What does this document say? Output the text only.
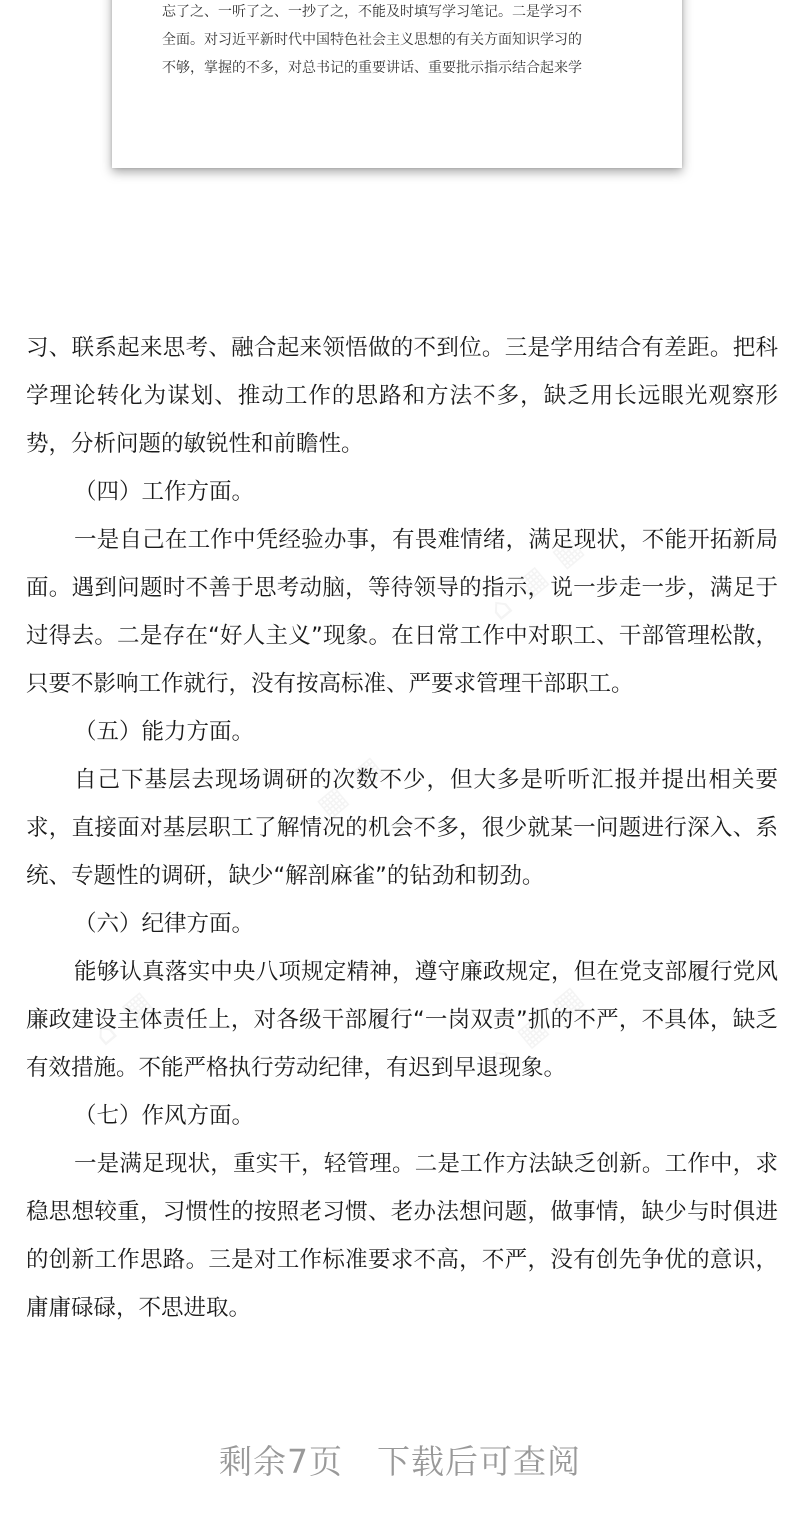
忘了之、一听了之、一抄了之，不能及时填写学习笔记。二是学习不
全面。对习近平新时代中国特色社会主义思想的有关方面知识学习的
不够，掌握的不多，对总书记的重要讲话、重要批示指示结合起来学

习、联系起来思考、融合起来领悟做的不到位。三是学用结合有差距。把科学理论转化为谋划、推动工作的思路和方法不多，缺乏用长远眼光观察形势，分析问题的敏锐性和前瞻性。

（四）工作方面。

一是自己在工作中凭经验办事，有畏难情绪，满足现状，不能开拓新局面。遇到问题时不善于思考动脑，等待领导的指示，说一步走一步，满足于过得去。二是存在“好人主义”现象。在日常工作中对职工、干部管理松散，只要不影响工作就行，没有按高标准、严要求管理干部职工。

（五）能力方面。

自己下基层去现场调研的次数不少，但大多是听听汇报并提出相关要求，直接面对基层职工了解情况的机会不多，很少就某一问题进行深入、系统、专题性的调研，缺少“解剖麻雀”的钻劲和韧劲。

（六）纪律方面。

能够认真落实中央八项规定精神，遵守廉政规定，但在党支部履行党风廉政建设主体责任上，对各级干部履行“一岗双责”抓的不严，不具体，缺乏有效措施。不能严格执行劳动纪律，有迟到早退现象。

（七）作风方面。

一是满足现状，重实干，轻管理。二是工作方法缺乏创新。工作中，求稳思想较重，习惯性的按照老习惯、老办法想问题，做事情，缺少与时俱进的创新工作思路。三是对工作标准要求不高，不严，没有创先争优的意识，庸庸碌碌，不思进取。

剩余7页 下载后可查阅
